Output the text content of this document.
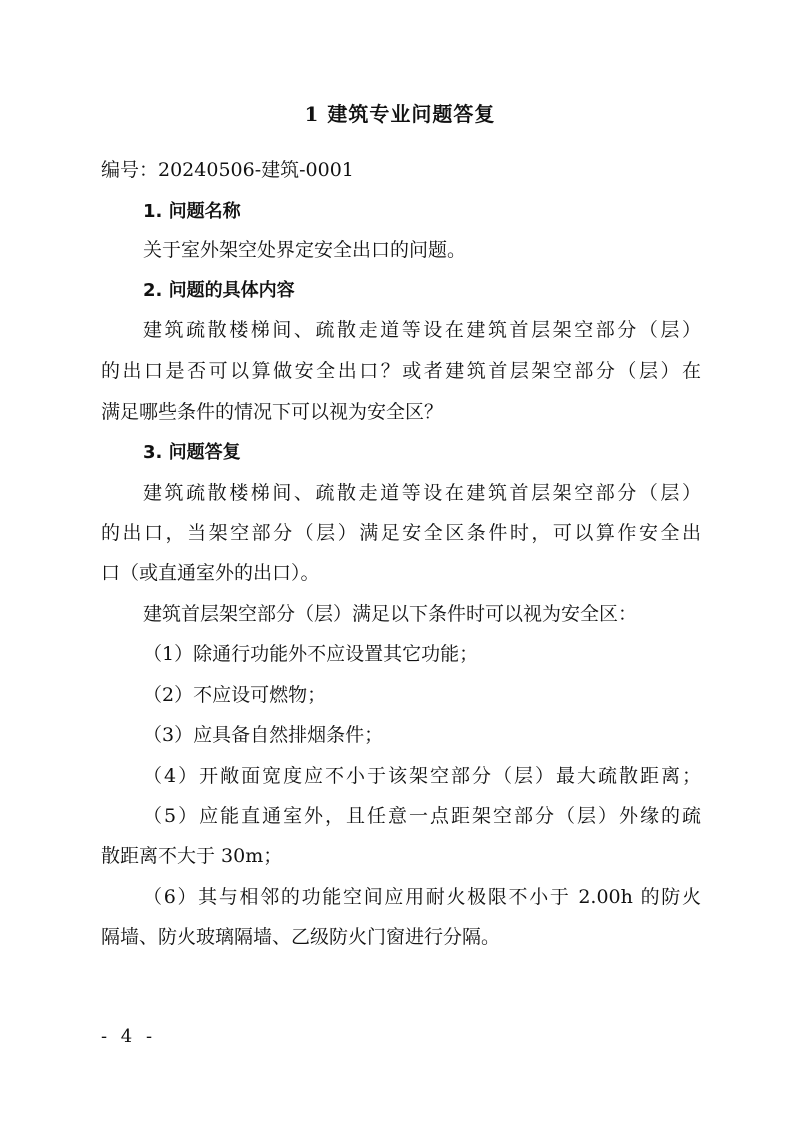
1 建筑专业问题答复
编号：20240506-建筑-0001
1. 问题名称
关于室外架空处界定安全出口的问题。
2. 问题的具体内容
建筑疏散楼梯间、疏散走道等设在建筑首层架空部分（层）
的出口是否可以算做安全出口？或者建筑首层架空部分（层）在
满足哪些条件的情况下可以视为安全区？
3. 问题答复
建筑疏散楼梯间、疏散走道等设在建筑首层架空部分（层）
的出口，当架空部分（层）满足安全区条件时，可以算作安全出
口（或直通室外的出口）。
建筑首层架空部分（层）满足以下条件时可以视为安全区：
（1）除通行功能外不应设置其它功能；
（2）不应设可燃物；
（3）应具备自然排烟条件；
（4）开敞面宽度应不小于该架空部分（层）最大疏散距离；
（5）应能直通室外，且任意一点距架空部分（层）外缘的疏
散距离不大于 30m；
（6）其与相邻的功能空间应用耐火极限不小于 2.00h 的防火
隔墙、防火玻璃隔墙、乙级防火门窗进行分隔。
- 4 -
